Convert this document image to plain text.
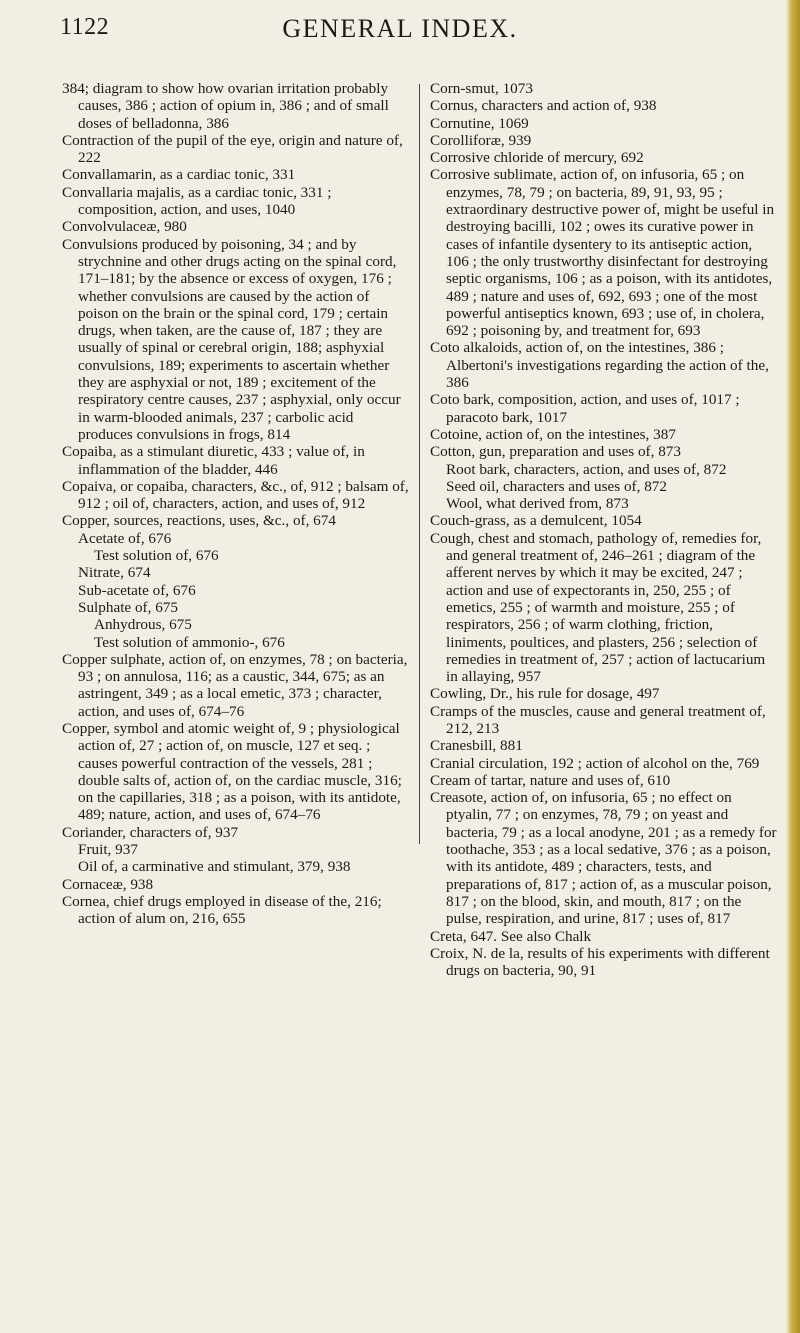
1122	GENERAL INDEX.
384; diagram to show how ovarian irritation probably causes, 386 ; action of opium in, 386 ; and of small doses of belladonna, 386
Contraction of the pupil of the eye, origin and nature of, 222
Convallamarin, as a cardiac tonic, 331
Convallaria majalis, as a cardiac tonic, 331 ; composition, action, and uses, 1040
Convolvulaceæ, 980
Convulsions produced by poisoning, 34 ; and by strychnine and other drugs acting on the spinal cord, 171–181; by the absence or excess of oxygen, 176 ; whether convulsions are caused by the action of poison on the brain or the spinal cord, 179 ; certain drugs, when taken, are the cause of, 187 ; they are usually of spinal or cerebral origin, 188; asphyxial convulsions, 189; experiments to ascertain whether they are asphyxial or not, 189 ; excitement of the respiratory centre causes, 237 ; asphyxial, only occur in warm-blooded animals, 237 ; carbolic acid produces convulsions in frogs, 814
Copaiba, as a stimulant diuretic, 433 ; value of, in inflammation of the bladder, 446
Copaiva, or copaiba, characters, &c., of, 912 ; balsam of, 912 ; oil of, characters, action, and uses of, 912
Copper, sources, reactions, uses, &c., of, 674
Acetate of, 676
Test solution of, 676
Nitrate, 674
Sub-acetate of, 676
Sulphate of, 675
Anhydrous, 675
Test solution of ammonio-, 676
Copper sulphate, action of, on enzymes, 78 ; on bacteria, 93 ; on annulosa, 116; as a caustic, 344, 675; as an astringent, 349 ; as a local emetic, 373 ; character, action, and uses of, 674–76
Copper, symbol and atomic weight of, 9 ; physiological action of, 27 ; action of, on muscle, 127 et seq. ; causes powerful contraction of the vessels, 281 ; double salts of, action of, on the cardiac muscle, 316; on the capillaries, 318 ; as a poison, with its antidote, 489; nature, action, and uses of, 674–76
Coriander, characters of, 937
Fruit, 937
Oil of, a carminative and stimulant, 379, 938
Cornaceæ, 938
Cornea, chief drugs employed in disease of the, 216; action of alum on, 216, 655
Corn-smut, 1073
Cornus, characters and action of, 938
Cornutine, 1069
Corolliforæ, 939
Corrosive chloride of mercury, 692
Corrosive sublimate, action of, on infusoria, 65 ; on enzymes, 78, 79 ; on bacteria, 89, 91, 93, 95 ; extraordinary destructive power of, might be useful in destroying bacilli, 102 ; owes its curative power in cases of infantile dysentery to its antiseptic action, 106 ; the only trustworthy disinfectant for destroying septic organisms, 106 ; as a poison, with its antidotes, 489 ; nature and uses of, 692, 693 ; one of the most powerful antiseptics known, 693 ; use of, in cholera, 692 ; poisoning by, and treatment for, 693
Coto alkaloids, action of, on the intestines, 386 ; Albertoni's investigations regarding the action of the, 386
Coto bark, composition, action, and uses of, 1017 ; paracoto bark, 1017
Cotoine, action of, on the intestines, 387
Cotton, gun, preparation and uses of, 873
Root bark, characters, action, and uses of, 872
Seed oil, characters and uses of, 872
Wool, what derived from, 873
Couch-grass, as a demulcent, 1054
Cough, chest and stomach, pathology of, remedies for, and general treatment of, 246–261 ; diagram of the afferent nerves by which it may be excited, 247 ; action and use of expectorants in, 250, 255 ; of emetics, 255 ; of warmth and moisture, 255 ; of respirators, 256 ; of warm clothing, friction, liniments, poultices, and plasters, 256 ; selection of remedies in treatment of, 257 ; action of lactucarium in allaying, 957
Cowling, Dr., his rule for dosage, 497
Cramps of the muscles, cause and general treatment of, 212, 213
Cranesbill, 881
Cranial circulation, 192 ; action of alcohol on the, 769
Cream of tartar, nature and uses of, 610
Creasote, action of, on infusoria, 65 ; no effect on ptyalin, 77 ; on enzymes, 78, 79 ; on yeast and bacteria, 79 ; as a local anodyne, 201 ; as a remedy for toothache, 353 ; as a local sedative, 376 ; as a poison, with its antidote, 489 ; characters, tests, and preparations of, 817 ; action of, as a muscular poison, 817 ; on the blood, skin, and mouth, 817 ; on the pulse, respiration, and urine, 817 ; uses of, 817
Creta, 647. See also Chalk
Croix, N. de la, results of his experiments with different drugs on bacteria, 90, 91
